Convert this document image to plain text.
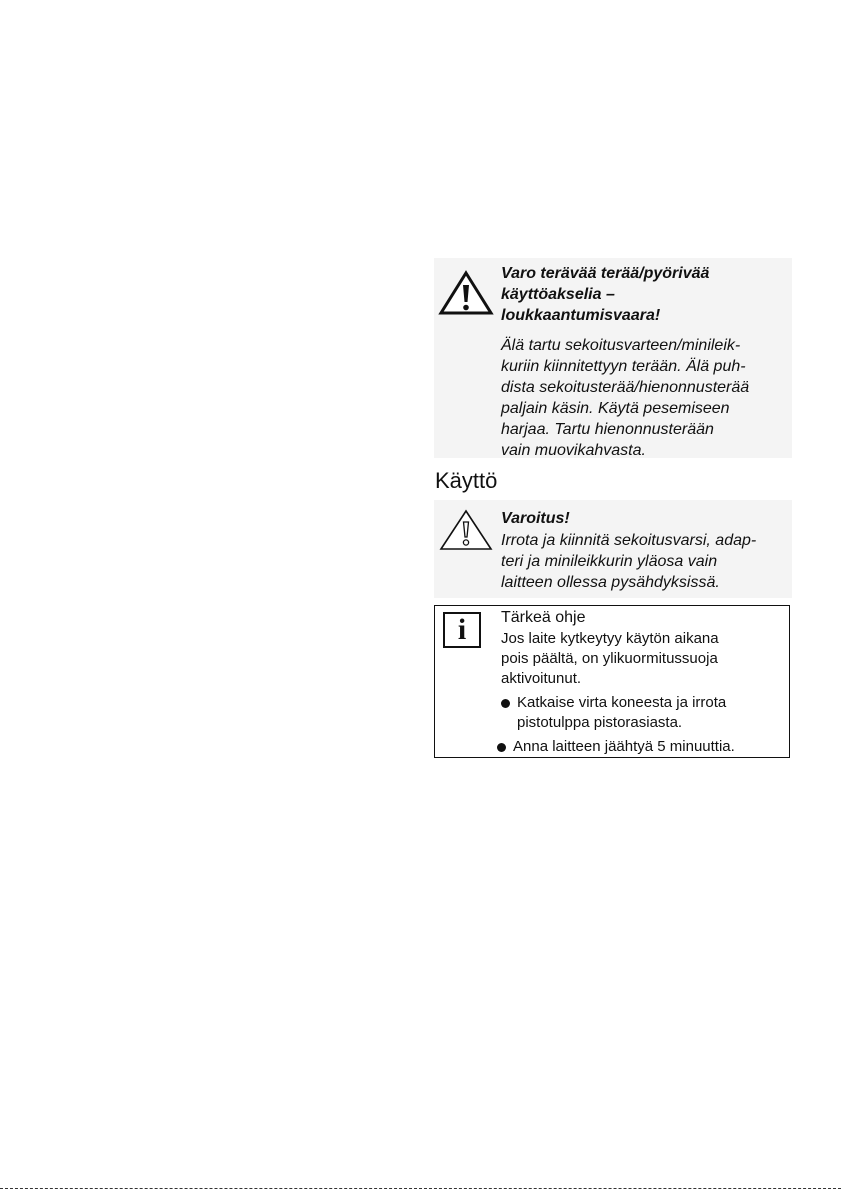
Varo terävää terää/pyörivää
käyttöakselia –
loukkaantumisvaara!
Älä tartu sekoitusvarteen/minileik-
kuriin kiinnitettyyn terään. Älä puh-
dista sekoitusterää/hienonnusterää
paljain käsin. Käytä pesemiseen
harjaa. Tartu hienonnusterään
vain muovikahvasta.
Käyttö
Varoitus!
Irrota ja kiinnitä sekoitusvarsi, adap-
teri ja minileikkurin yläosa vain
laitteen ollessa pysähdyksissä.
i	Tärkeä ohje
Jos laite kytkeytyy käytön aikana
pois päältä, on ylikuormitussuoja
aktivoitunut.
Katkaise virta koneesta ja irrota
pistotulppa pistorasiasta.
Anna laitteen jäähtyä 5 minuuttia.
